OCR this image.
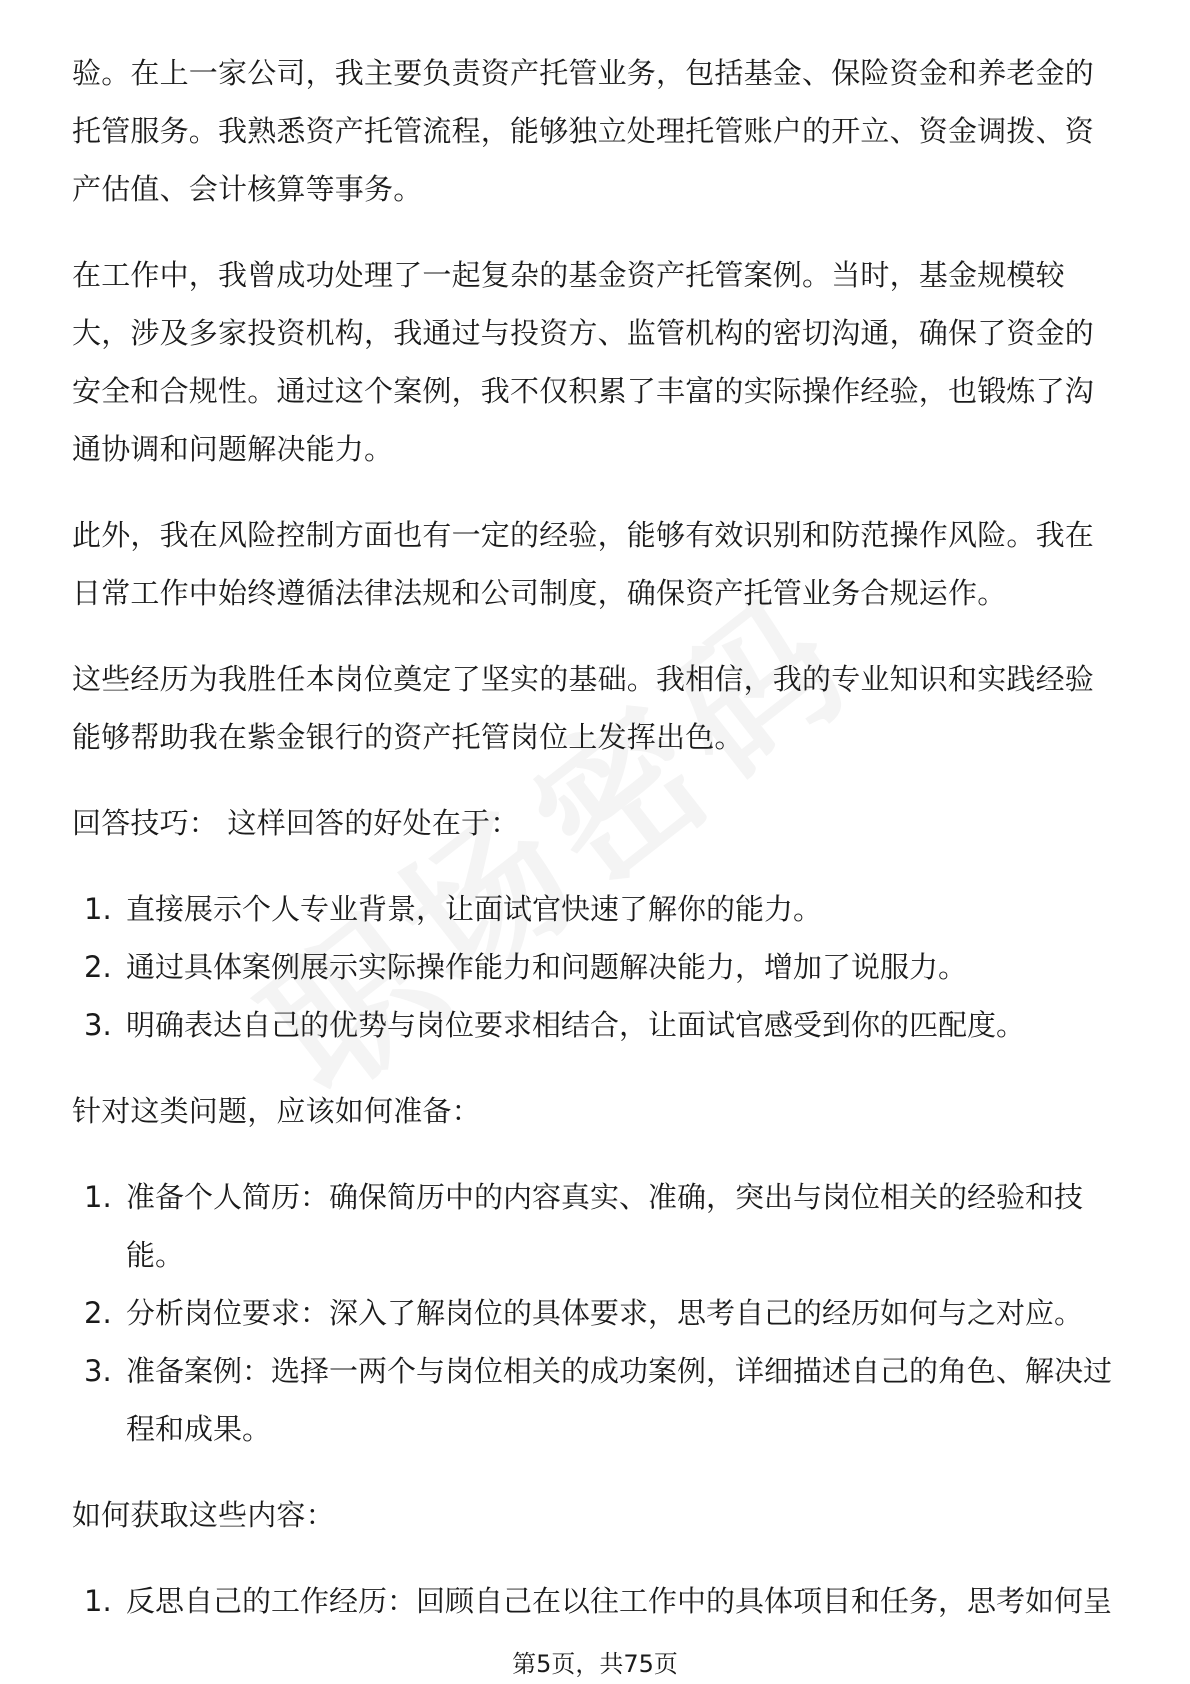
验。在上一家公司，我主要负责资产托管业务，包括基金、保险资金和养老金的托管服务。我熟悉资产托管流程，能够独立处理托管账户的开立、资金调拨、资产估值、会计核算等事务。

在工作中，我曾成功处理了一起复杂的基金资产托管案例。当时，基金规模较大，涉及多家投资机构，我通过与投资方、监管机构的密切沟通，确保了资金的安全和合规性。通过这个案例，我不仅积累了丰富的实际操作经验，也锻炼了沟通协调和问题解决能力。

此外，我在风险控制方面也有一定的经验，能够有效识别和防范操作风险。我在日常工作中始终遵循法律法规和公司制度，确保资产托管业务合规运作。

这些经历为我胜任本岗位奠定了坚实的基础。我相信，我的专业知识和实践经验能够帮助我在紫金银行的资产托管岗位上发挥出色。

回答技巧： 这样回答的好处在于：

1. 直接展示个人专业背景，让面试官快速了解你的能力。
2. 通过具体案例展示实际操作能力和问题解决能力，增加了说服力。
3. 明确表达自己的优势与岗位要求相结合，让面试官感受到你的匹配度。

针对这类问题，应该如何准备：

1. 准备个人简历：确保简历中的内容真实、准确，突出与岗位相关的经验和技能。
2. 分析岗位要求：深入了解岗位的具体要求，思考自己的经历如何与之对应。
3. 准备案例：选择一两个与岗位相关的成功案例，详细描述自己的角色、解决过程和成果。

如何获取这些内容：

1. 反思自己的工作经历：回顾自己在以往工作中的具体项目和任务，思考如何呈
第5页，共75页
